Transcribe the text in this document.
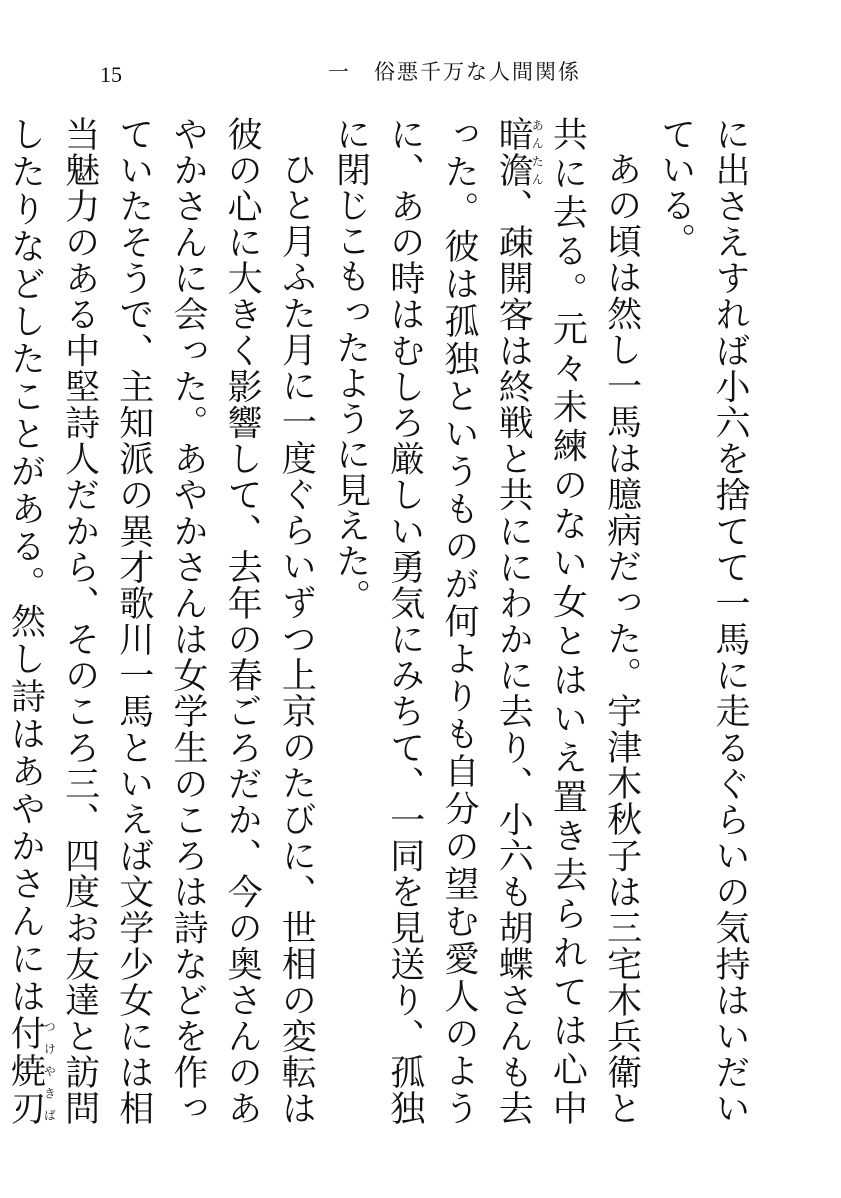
15	一　俗悪千万な人間関係

に出さえすれば小六を捨てて一馬に走るぐらいの気持はいだいている。

あの頃は然し一馬は臆病だった。宇津木秋子は三宅木兵衛と共に去る。元々未練のない女とはいえ置き去られては心中暗澹あんたん、疎開客は終戦と共ににわかに去り、小六も胡蝶さんも去った。彼は孤独というものが何よりも自分の望む愛人のように、あの時はむしろ厳しい勇気にみちて、一同を見送り、孤独に閉じこもったように見えた。

ひと月ふた月に一度ぐらいずつ上京のたびに、世相の変転は彼の心に大きく影響して、去年の春ごろだか、今の奥さんのあやかさんに会った。あやかさんは女学生のころは詩などを作っていたそうで、主知派の異才歌川一馬といえば文学少女には相当魅力のある中堅詩人だから、そのころ三、四度お友達と訪問したりなどしたことがある。然し詩はあやかさんには付焼刃つけやきば
